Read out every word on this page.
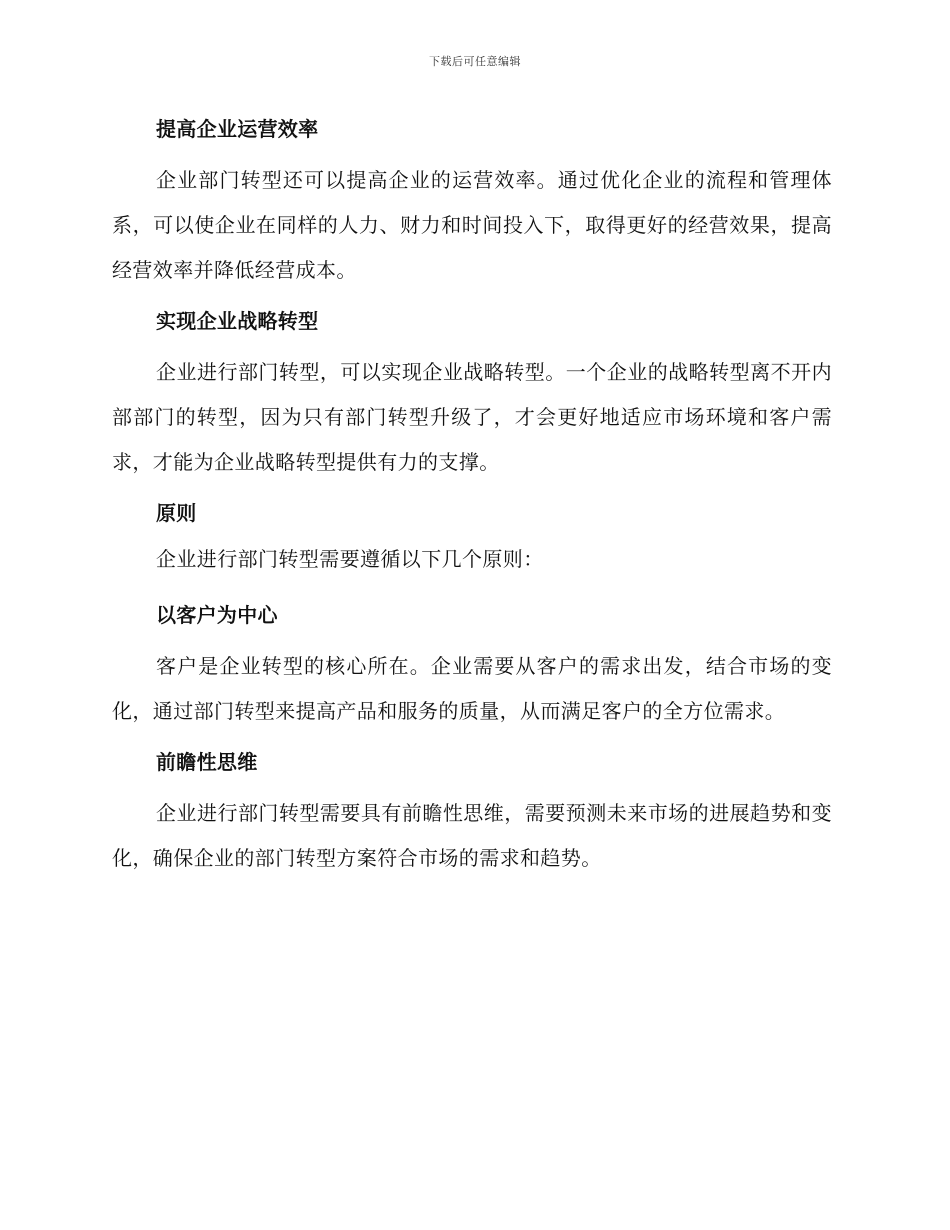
下载后可任意编辑
提高企业运营效率

企业部门转型还可以提高企业的运营效率。通过优化企业的流程和管理体系，可以使企业在同样的人力、财力和时间投入下，取得更好的经营效果，提高经营效率并降低经营成本。

实现企业战略转型

企业进行部门转型，可以实现企业战略转型。一个企业的战略转型离不开内部部门的转型，因为只有部门转型升级了，才会更好地适应市场环境和客户需求，才能为企业战略转型提供有力的支撑。

原则

企业进行部门转型需要遵循以下几个原则：

以客户为中心

客户是企业转型的核心所在。企业需要从客户的需求出发，结合市场的变化，通过部门转型来提高产品和服务的质量，从而满足客户的全方位需求。

前瞻性思维

企业进行部门转型需要具有前瞻性思维，需要预测未来市场的进展趋势和变化，确保企业的部门转型方案符合市场的需求和趋势。
